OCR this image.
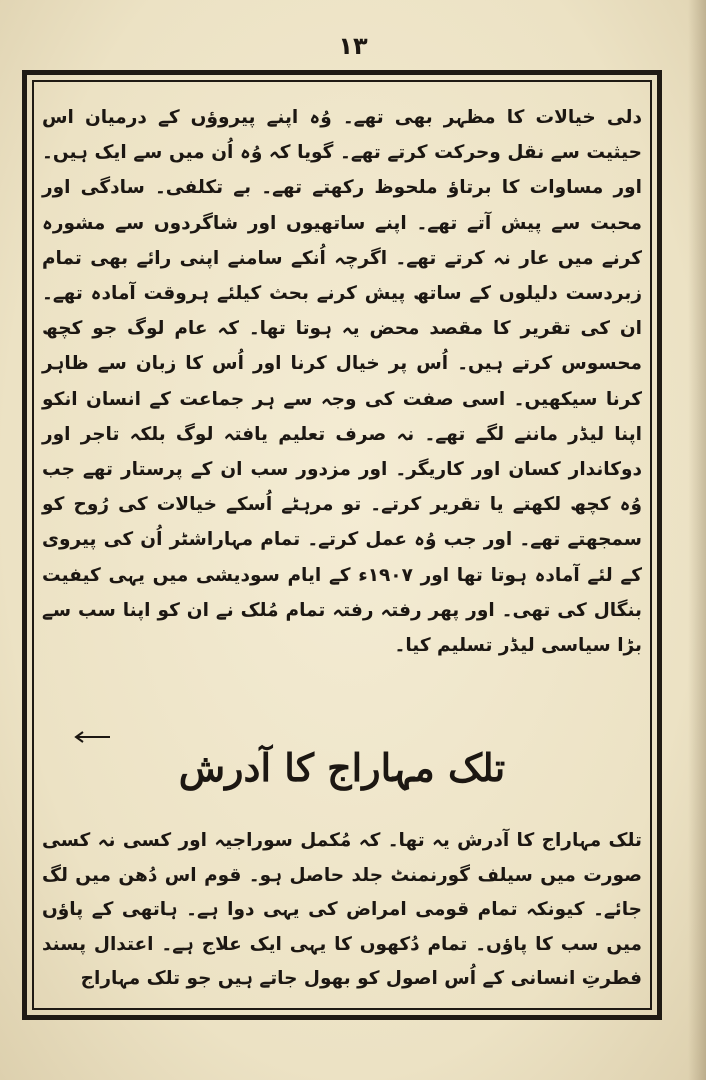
۱۳

دلی خیالات کا مظہر بھی تھے۔ وُہ اپنے پیروؤں کے درمیان اس حیثیت سے نقل وحرکت کرتے تھے۔ گویا کہ وُہ اُن میں سے ایک ہیں۔ اور مساوات کا برتاؤ ملحوظ رکھتے تھے۔ بے تکلفی۔ سادگی اور محبت سے پیش آتے تھے۔ اپنے ساتھیوں اور شاگردوں سے مشورہ کرنے میں عار نہ کرتے تھے۔ اگرچہ اُنکے سامنے اپنی رائے بھی تمام زبردست دلیلوں کے ساتھ پیش کرنے بحث کیلئے ہروقت آمادہ تھے۔ ان کی تقریر کا مقصد محض یہ ہوتا تھا۔ کہ عام لوگ جو کچھ محسوس کرتے ہیں۔ اُس پر خیال کرنا اور اُس کا زبان سے ظاہر کرنا سیکھیں۔ اسی صفت کی وجہ سے ہر جماعت کے انسان انکو اپنا لیڈر ماننے لگے تھے۔ نہ صرف تعلیم یافتہ لوگ بلکہ تاجر اور دوکاندار کسان اور کاریگر۔ اور مزدور سب ان کے پرستار تھے جب وُہ کچھ لکھتے یا تقریر کرتے۔ تو مرہٹے اُسکے خیالات کی رُوح کو سمجھتے تھے۔ اور جب وُہ عمل کرتے۔ تمام مہاراشٹر اُن کی پیروی کے لئے آمادہ ہوتا تھا اور ۱۹۰۷ء کے ایام سودیشی میں یہی کیفیت بنگال کی تھی۔ اور پھر رفتہ رفتہ تمام مُلک نے ان کو اپنا سب سے بڑا سیاسی لیڈر تسلیم کیا۔

تلک مہاراج کا آدرش

تلک مہاراج کا آدرش یہ تھا۔ کہ مُکمل سوراجیہ اور کسی نہ کسی صورت میں سیلف گورنمنٹ جلد حاصل ہو۔ قوم اس دُھن میں لگ جائے۔ کیونکہ تمام قومی امراض کی یہی دوا ہے۔ ہاتھی کے پاؤں میں سب کا پاؤں۔ تمام دُکھوں کا یہی ایک علاج ہے۔ اعتدال پسند فطرتِ انسانی کے اُس اصول کو بھول جاتے ہیں جو تلک مہاراج
